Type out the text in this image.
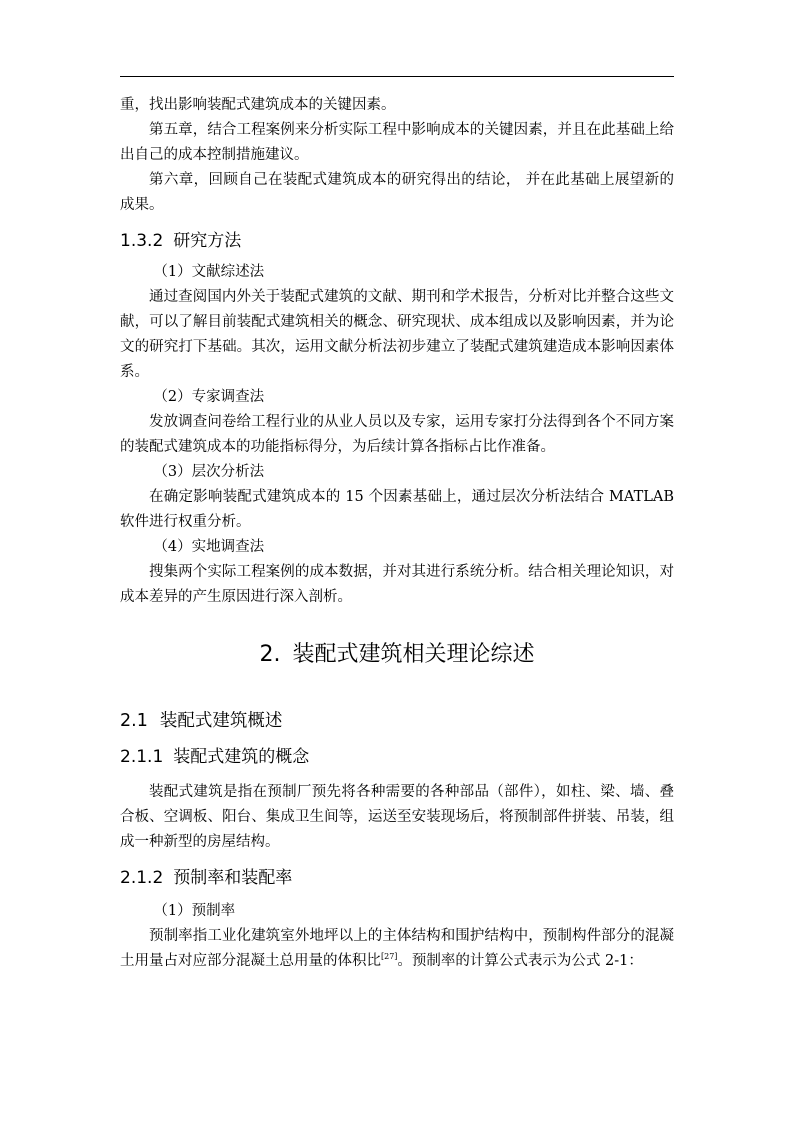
重，找出影响装配式建筑成本的关键因素。

第五章，结合工程案例来分析实际工程中影响成本的关键因素，并且在此基础上给出自己的成本控制措施建议。

第六章，回顾自己在装配式建筑成本的研究得出的结论， 并在此基础上展望新的成果。

1.3.2 研究方法

（1）文献综述法

通过查阅国内外关于装配式建筑的文献、期刊和学术报告，分析对比并整合这些文献，可以了解目前装配式建筑相关的概念、研究现状、成本组成以及影响因素，并为论文的研究打下基础。其次，运用文献分析法初步建立了装配式建筑建造成本影响因素体系。

（2）专家调查法

发放调查问卷给工程行业的从业人员以及专家，运用专家打分法得到各个不同方案的装配式建筑成本的功能指标得分，为后续计算各指标占比作准备。

（3）层次分析法

在确定影响装配式建筑成本的 15 个因素基础上，通过层次分析法结合 MATLAB 软件进行权重分析。

（4）实地调查法

搜集两个实际工程案例的成本数据，并对其进行系统分析。结合相关理论知识，对成本差异的产生原因进行深入剖析。

2. 装配式建筑相关理论综述
2.1 装配式建筑概述
2.1.1 装配式建筑的概念

装配式建筑是指在预制厂预先将各种需要的各种部品（部件），如柱、梁、墙、叠合板、空调板、阳台、集成卫生间等，运送至安装现场后，将预制部件拼装、吊装，组成一种新型的房屋结构。

2.1.2 预制率和装配率

（1）预制率

预制率指工业化建筑室外地坪以上的主体结构和围护结构中，预制构件部分的混凝土用量占对应部分混凝土总用量的体积比[27]。预制率的计算公式表示为公式 2-1：
